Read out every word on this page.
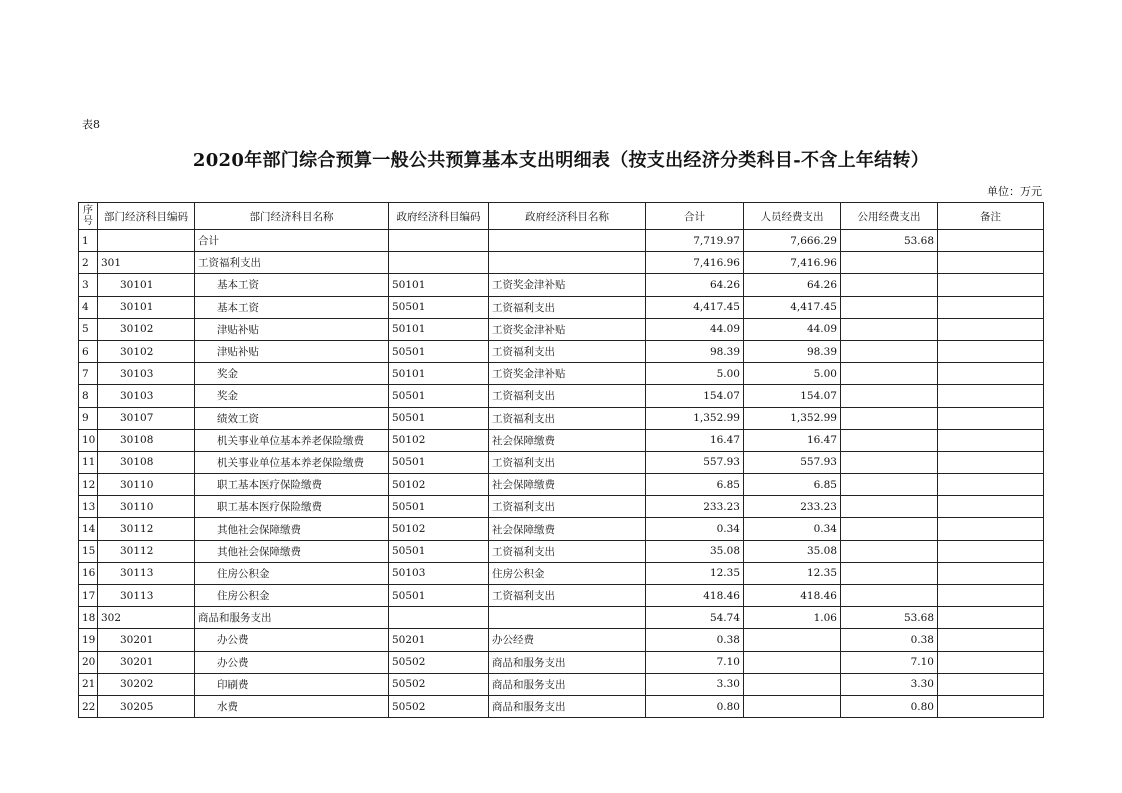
表8
2020年部门综合预算一般公共预算基本支出明细表（按支出经济分类科目-不含上年结转）
单位：万元
序号	部门经济科目编码	部门经济科目名称	政府经济科目编码	政府经济科目名称	合计	人员经费支出	公用经费支出	备注
1		合计			7,719.97	7,666.29	53.68	
2	301	工资福利支出			7,416.96	7,416.96		
3	30101	基本工资	50101	工资奖金津补贴	64.26	64.26		
4	30101	基本工资	50501	工资福利支出	4,417.45	4,417.45		
5	30102	津贴补贴	50101	工资奖金津补贴	44.09	44.09		
6	30102	津贴补贴	50501	工资福利支出	98.39	98.39		
7	30103	奖金	50101	工资奖金津补贴	5.00	5.00		
8	30103	奖金	50501	工资福利支出	154.07	154.07		
9	30107	绩效工资	50501	工资福利支出	1,352.99	1,352.99		
10	30108	机关事业单位基本养老保险缴费	50102	社会保障缴费	16.47	16.47		
11	30108	机关事业单位基本养老保险缴费	50501	工资福利支出	557.93	557.93		
12	30110	职工基本医疗保险缴费	50102	社会保障缴费	6.85	6.85		
13	30110	职工基本医疗保险缴费	50501	工资福利支出	233.23	233.23		
14	30112	其他社会保障缴费	50102	社会保障缴费	0.34	0.34		
15	30112	其他社会保障缴费	50501	工资福利支出	35.08	35.08		
16	30113	住房公积金	50103	住房公积金	12.35	12.35		
17	30113	住房公积金	50501	工资福利支出	418.46	418.46		
18	302	商品和服务支出			54.74	1.06	53.68	
19	30201	办公费	50201	办公经费	0.38		0.38	
20	30201	办公费	50502	商品和服务支出	7.10		7.10	
21	30202	印刷费	50502	商品和服务支出	3.30		3.30	
22	30205	水费	50502	商品和服务支出	0.80		0.80	
